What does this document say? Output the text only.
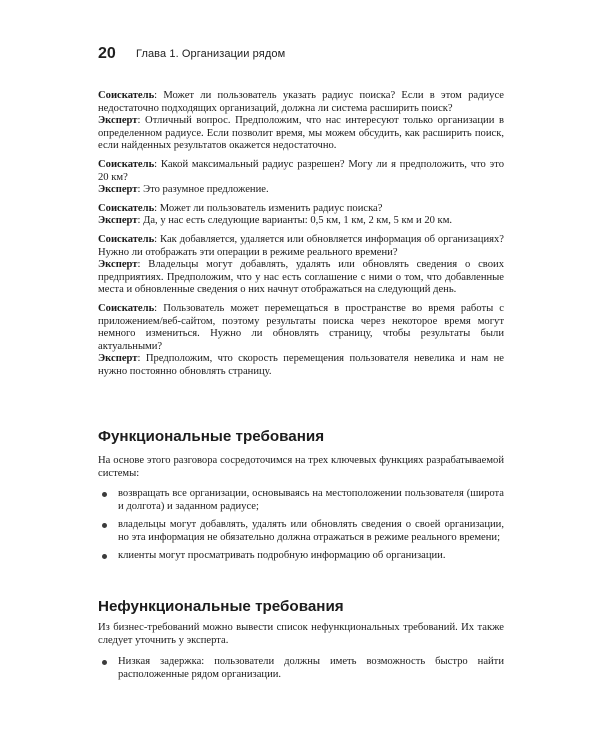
20 Глава 1. Организации рядом

Соискатель: Может ли пользователь указать радиус поиска? Если в этом радиусе недостаточно подходящих организаций, должна ли система расширить поиск?

Эксперт: Отличный вопрос. Предположим, что нас интересуют только организации в определенном радиусе. Если позволит время, мы можем обсудить, как расширить поиск, если найденных результатов окажется недостаточно.

Соискатель: Какой максимальный радиус разрешен? Могу ли я предположить, что это 20 км?

Эксперт: Это разумное предложение.

Соискатель: Может ли пользователь изменить радиус поиска?

Эксперт: Да, у нас есть следующие варианты: 0,5 км, 1 км, 2 км, 5 км и 20 км.

Соискатель: Как добавляется, удаляется или обновляется информация об организациях? Нужно ли отображать эти операции в режиме реального времени?

Эксперт: Владельцы могут добавлять, удалять или обновлять сведения о своих предприятиях. Предположим, что у нас есть соглашение с ними о том, что добавленные места и обновленные сведения о них начнут отображаться на следующий день.

Соискатель: Пользователь может перемещаться в пространстве во время работы с приложением/веб-сайтом, поэтому результаты поиска через некоторое время могут немного измениться. Нужно ли обновлять страницу, чтобы результаты были актуальными?

Эксперт: Предположим, что скорость перемещения пользователя невелика и нам не нужно постоянно обновлять страницу.

Функциональные требования

На основе этого разговора сосредоточимся на трех ключевых функциях разрабатываемой системы:

возвращать все организации, основываясь на местоположении пользователя (широта и долгота) и заданном радиусе;
владельцы могут добавлять, удалять или обновлять сведения о своей организации, но эта информация не обязательно должна отражаться в режиме реального времени;
клиенты могут просматривать подробную информацию об организации.
Нефункциональные требования

Из бизнес-требований можно вывести список нефункциональных требований. Их также следует уточнить у эксперта.

Низкая задержка: пользователи должны иметь возможность быстро найти расположенные рядом организации.
